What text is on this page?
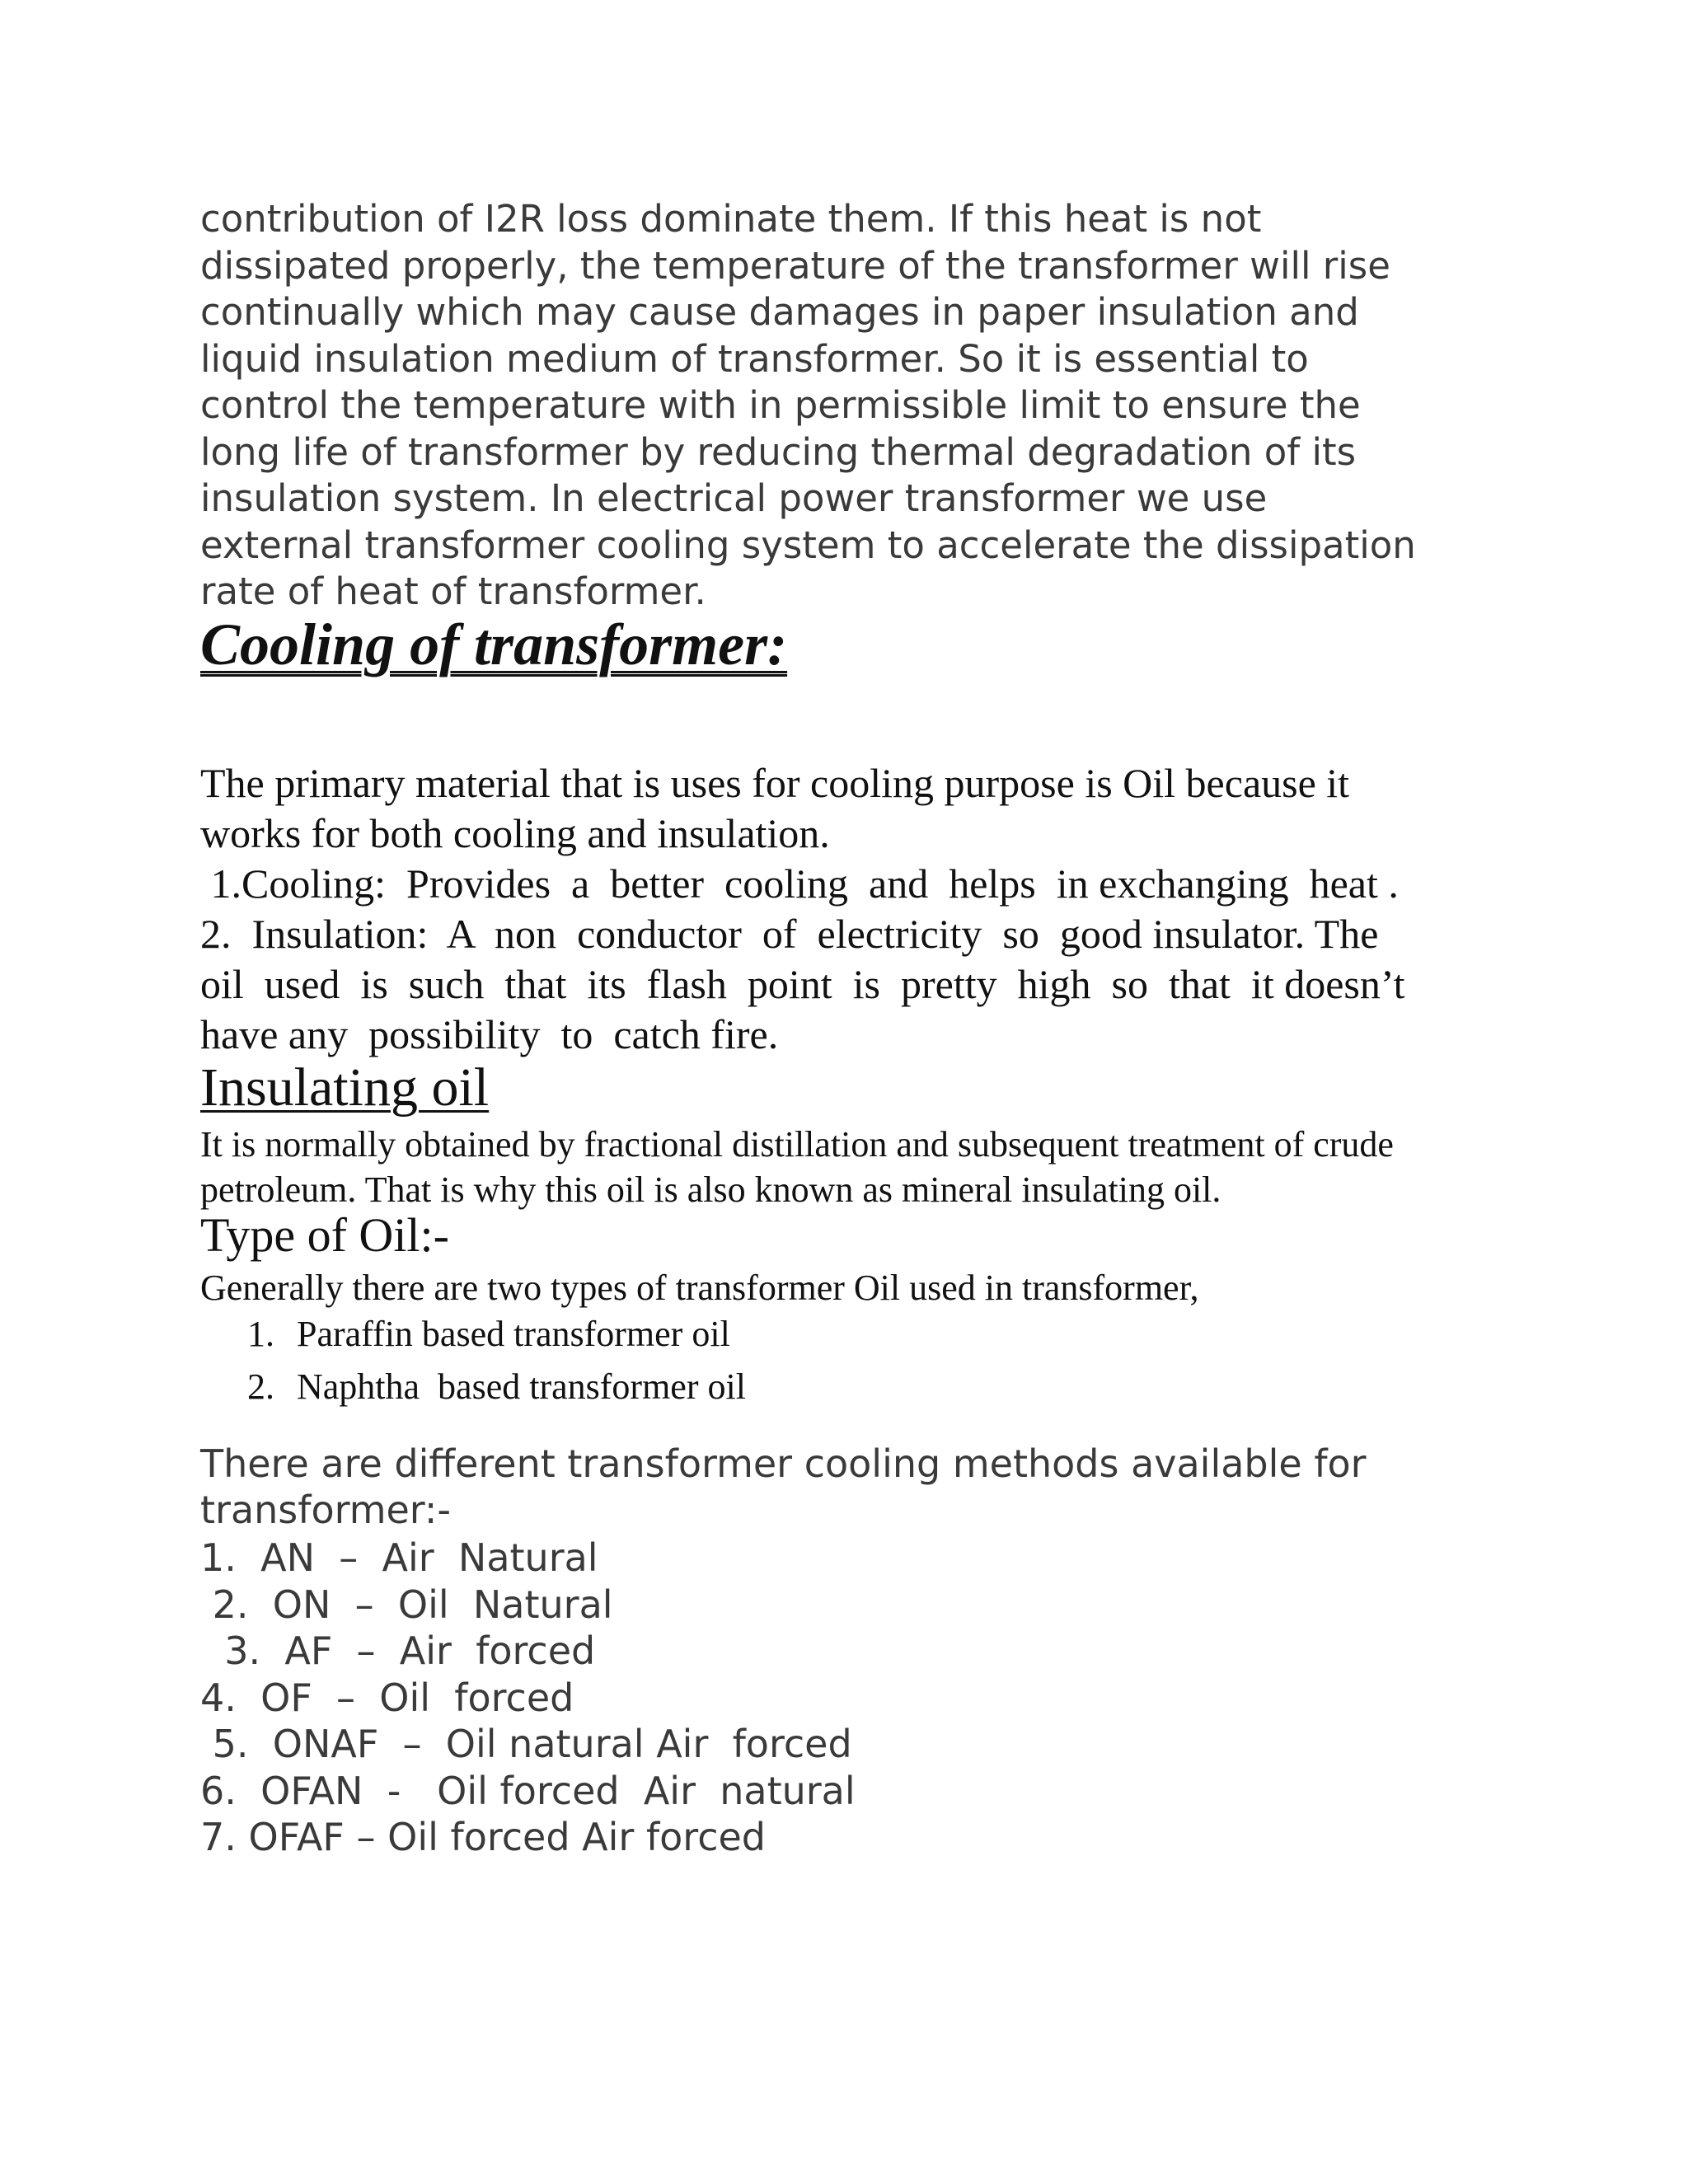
contribution of I2R loss dominate them. If this heat is not
dissipated properly, the temperature of the transformer will rise
continually which may cause damages in paper insulation and
liquid insulation medium of transformer. So it is essential to
control the temperature with in permissible limit to ensure the
long life of transformer by reducing thermal degradation of its
insulation system. In electrical power transformer we use
external transformer cooling system to accelerate the dissipation
rate of heat of transformer.

Cooling of transformer:

The primary material that is uses for cooling purpose is Oil because it
works for both cooling and insulation.
1.Cooling:  Provides  a  better  cooling  and  helps  in exchanging  heat .
2.  Insulation:  A  non  conductor  of  electricity  so  good insulator. The
oil  used  is  such  that  its  flash  point  is  pretty  high  so  that  it doesn’t
have any  possibility  to  catch fire.

Insulating oil

It is normally obtained by fractional distillation and subsequent treatment of crude
petroleum. That is why this oil is also known as mineral insulating oil.

Type of Oil:-

Generally there are two types of transformer Oil used in transformer,

1. Paraffin based transformer oil
2. Naphtha  based transformer oil

There are different transformer cooling methods available for
transformer:-

1.  AN  –  Air  Natural
2.  ON  –  Oil  Natural
3.  AF  –  Air  forced
4.  OF  –  Oil  forced
5.  ONAF  –  Oil natural Air  forced
6.  OFAN  -   Oil forced  Air  natural
7. OFAF – Oil forced Air forced
